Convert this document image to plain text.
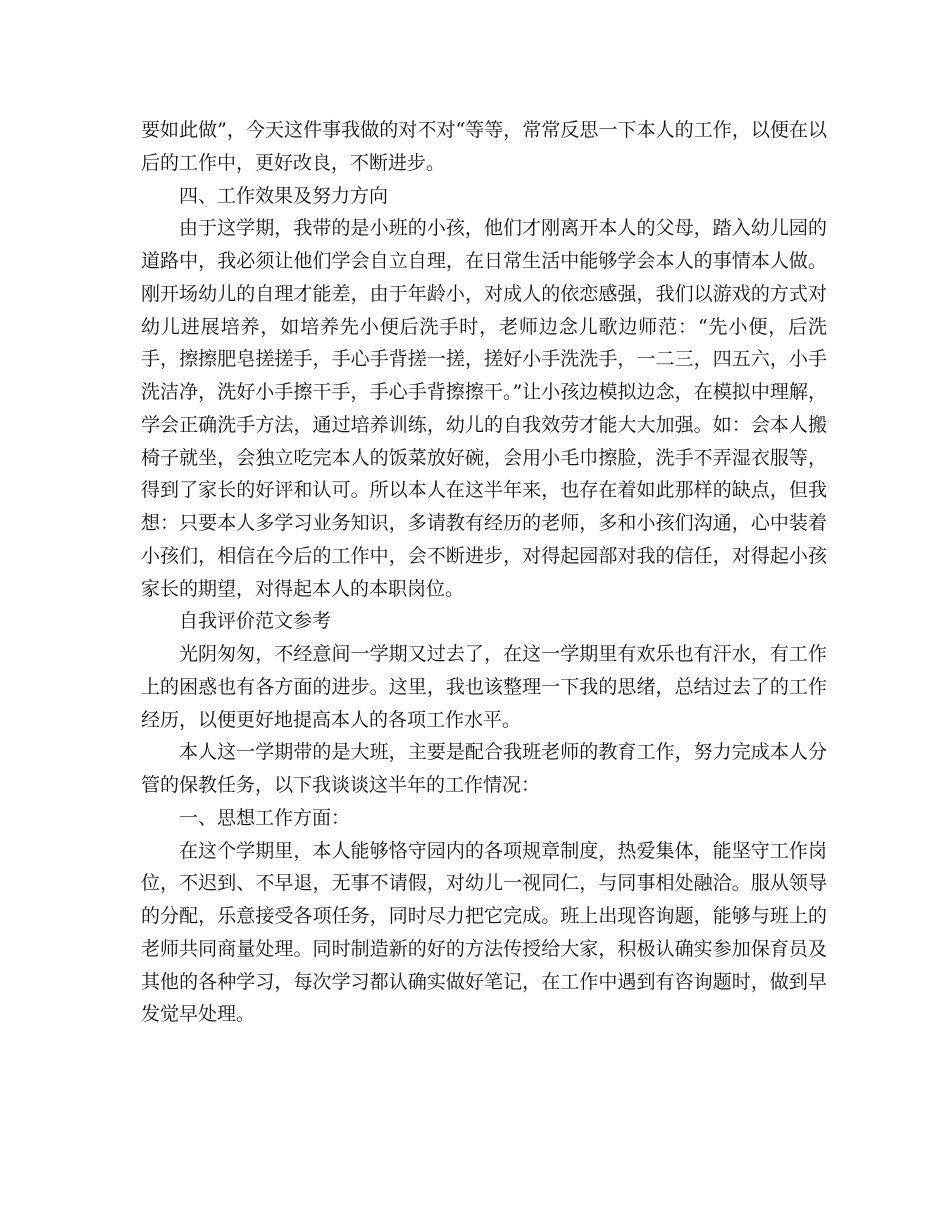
要如此做”，今天这件事我做的对不对“等等，常常反思一下本人的工作，以便在以后的工作中，更好改良，不断进步。

四、工作效果及努力方向

由于这学期，我带的是小班的小孩，他们才刚离开本人的父母，踏入幼儿园的道路中，我必须让他们学会自立自理，在日常生活中能够学会本人的事情本人做。刚开场幼儿的自理才能差，由于年龄小，对成人的依恋感强，我们以游戏的方式对幼儿进展培养，如培养先小便后洗手时，老师边念儿歌边师范：“先小便，后洗手，擦擦肥皂搓搓手，手心手背搓一搓，搓好小手洗洗手，一二三，四五六，小手洗洁净，洗好小手擦干手，手心手背擦擦干。”让小孩边模拟边念，在模拟中理解，学会正确洗手方法，通过培养训练，幼儿的自我效劳才能大大加强。如：会本人搬椅子就坐，会独立吃完本人的饭菜放好碗，会用小毛巾擦脸，洗手不弄湿衣服等，得到了家长的好评和认可。所以本人在这半年来，也存在着如此那样的缺点，但我想：只要本人多学习业务知识，多请教有经历的老师，多和小孩们沟通，心中装着小孩们，相信在今后的工作中，会不断进步，对得起园部对我的信任，对得起小孩家长的期望，对得起本人的本职岗位。

自我评价范文参考

光阴匆匆，不经意间一学期又过去了，在这一学期里有欢乐也有汗水，有工作上的困惑也有各方面的进步。这里，我也该整理一下我的思绪，总结过去了的工作经历，以便更好地提高本人的各项工作水平。

本人这一学期带的是大班，主要是配合我班老师的教育工作，努力完成本人分管的保教任务，以下我谈谈这半年的工作情况：

一、思想工作方面：

在这个学期里，本人能够恪守园内的各项规章制度，热爱集体，能坚守工作岗位，不迟到、不早退，无事不请假，对幼儿一视同仁，与同事相处融洽。服从领导的分配，乐意接受各项任务，同时尽力把它完成。班上出现咨询题，能够与班上的老师共同商量处理。同时制造新的好的方法传授给大家，积极认确实参加保育员及其他的各种学习，每次学习都认确实做好笔记，在工作中遇到有咨询题时，做到早发觉早处理。
